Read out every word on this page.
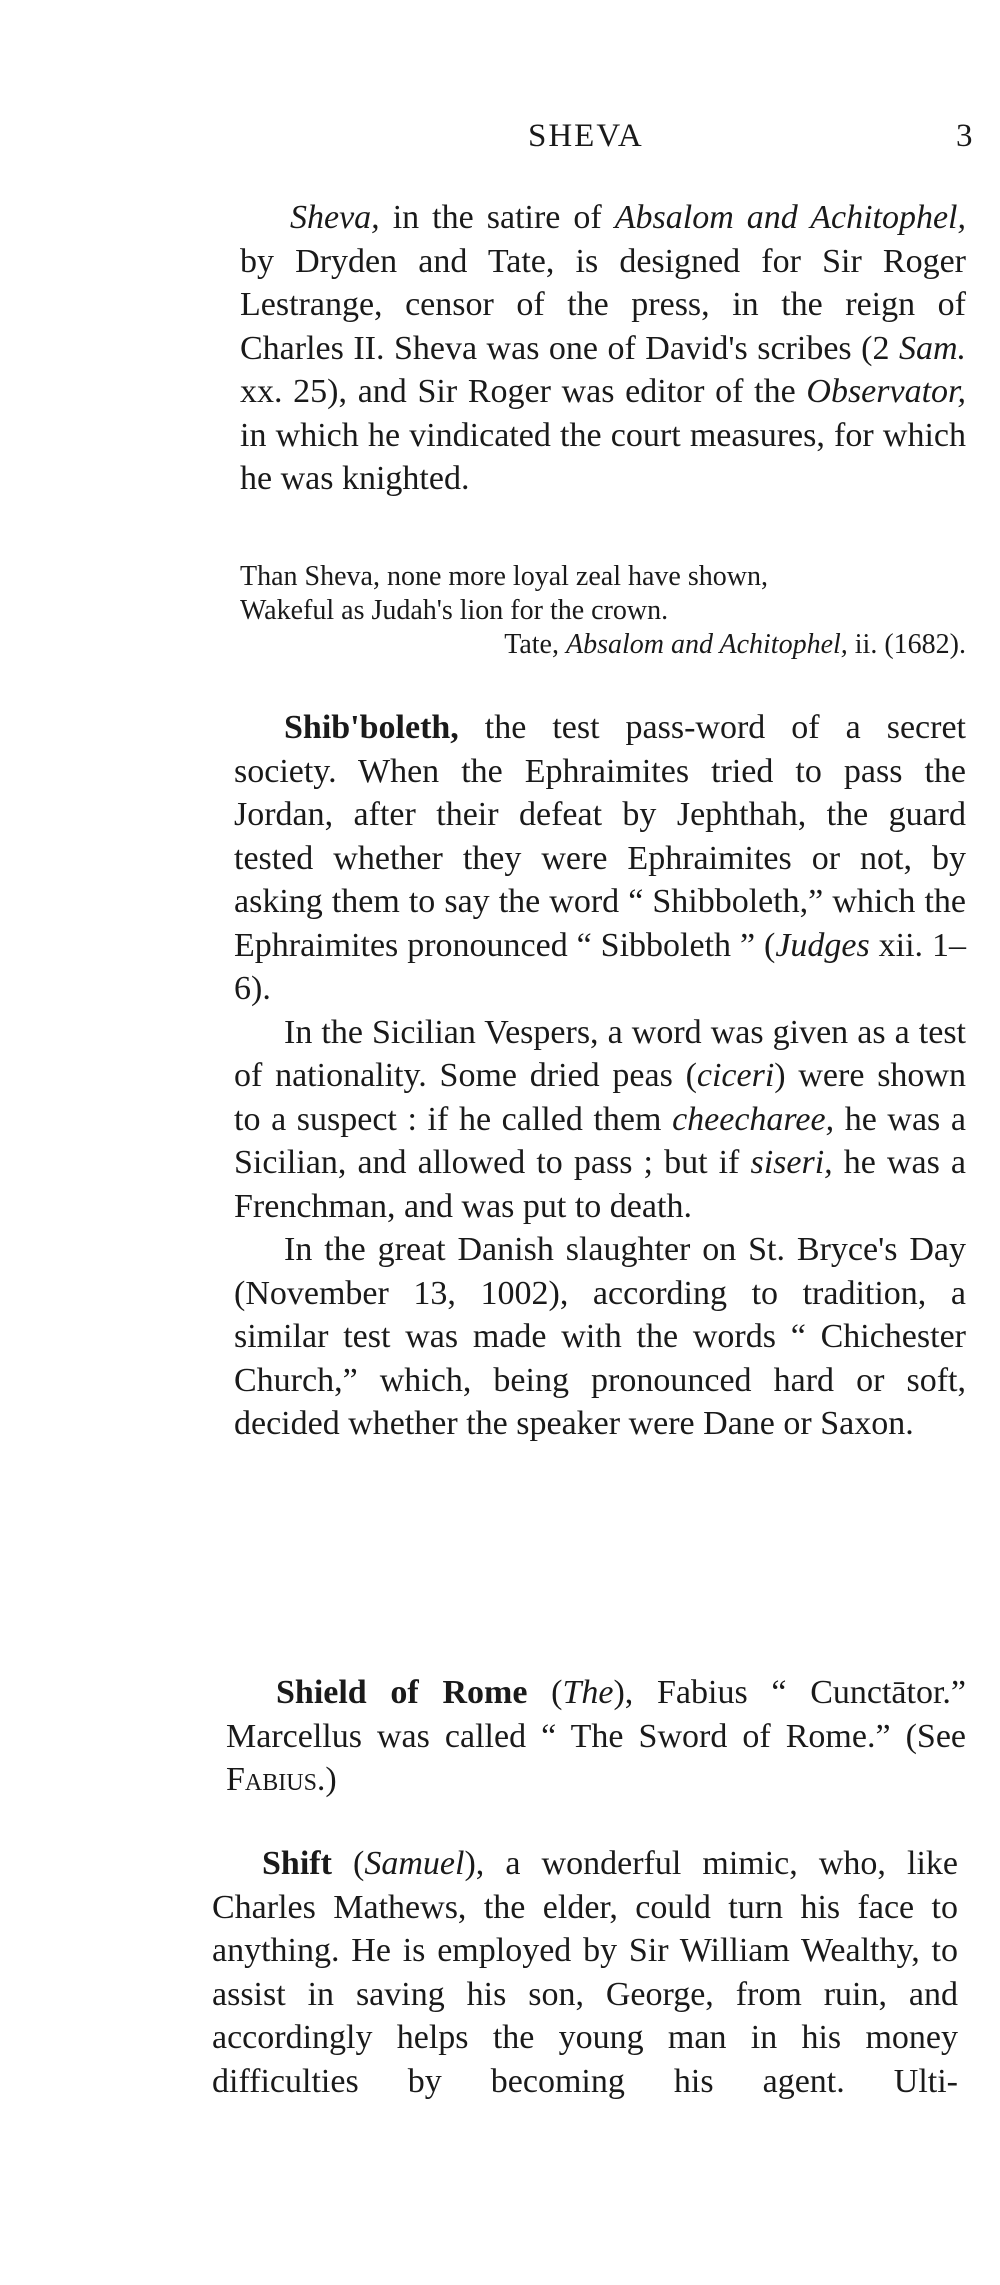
SHEVA	3

Sheva, in the satire of Absalom and Achitophel, by Dryden and Tate, is designed for Sir Roger Lestrange, censor of the press, in the reign of Charles II. Sheva was one of David's scribes (2 Sam. xx. 25), and Sir Roger was editor of the Observator, in which he vindicated the court measures, for which he was knighted.

Than Sheva, none more loyal zeal have shown,
Wakeful as Judah's lion for the crown.
Tate, Absalom and Achitophel, ii. (1682).

Shib'boleth, the test pass-word of a secret society. When the Ephraimites tried to pass the Jordan, after their defeat by Jephthah, the guard tested whether they were Ephraimites or not, by asking them to say the word “ Shibboleth,” which the Ephraimites pronounced “ Sibboleth ” (Judges xii. 1–6).

In the Sicilian Vespers, a word was given as a test of nationality. Some dried peas (ciceri) were shown to a suspect : if he called them cheecharee, he was a Sicilian, and allowed to pass ; but if siseri, he was a Frenchman, and was put to death.

In the great Danish slaughter on St. Bryce's Day (November 13, 1002), according to tradition, a similar test was made with the words “ Chichester Church,” which, being pronounced hard or soft, decided whether the speaker were Dane or Saxon.

Shield of Rome (The), Fabius “ Cunctātor.” Marcellus was called “ The Sword of Rome.” (See Fabius.)

Shift (Samuel), a wonderful mimic, who, like Charles Mathews, the elder, could turn his face to anything. He is employed by Sir William Wealthy, to assist in saving his son, George, from ruin, and accordingly helps the young man in his money difficulties by becoming his agent. Ulti-
